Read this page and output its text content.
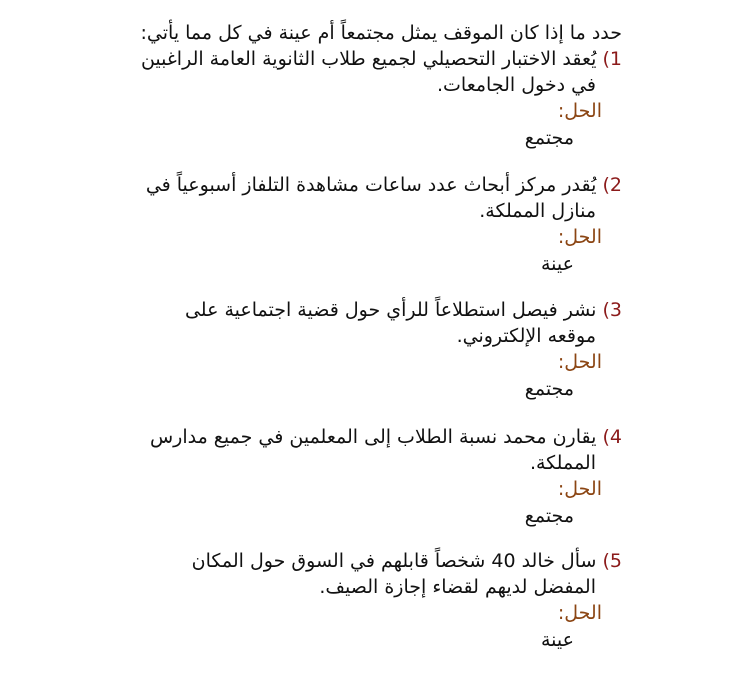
حدد ما إذا كان الموقف يمثل مجتمعاً أم عينة في كل مما يأتي:
1) يُعقد الاختبار التحصيلي لجميع طلاب الثانوية العامة الراغبين
في دخول الجامعات.
الحل:
مجتمع
2) يُقدر مركز أبحاث عدد ساعات مشاهدة التلفاز أسبوعياً في
منازل المملكة.
الحل:
عينة
3) نشر فيصل استطلاعاً للرأي حول قضية اجتماعية على
موقعه الإلكتروني.
الحل:
مجتمع
4) يقارن محمد نسبة الطلاب إلى المعلمين في جميع مدارس
المملكة.
الحل:
مجتمع
5) سأل خالد 40 شخصاً قابلهم في السوق حول المكان
المفضل لديهم لقضاء إجازة الصيف.
الحل:
عينة
